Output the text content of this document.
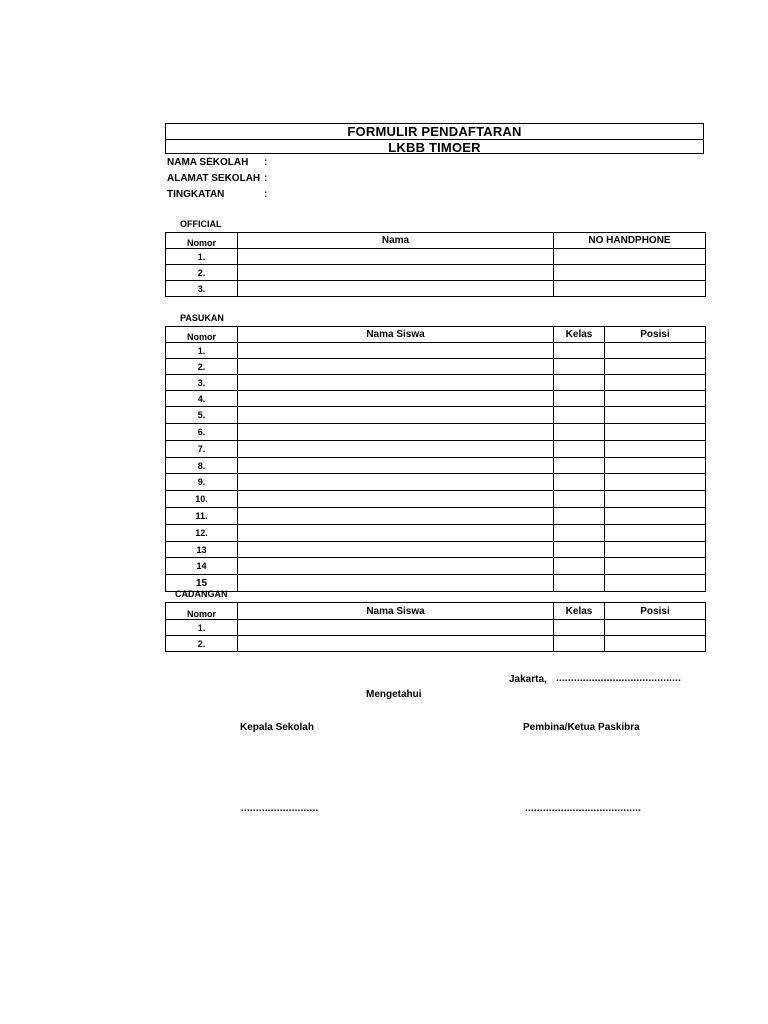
FORMULIR PENDAFTARAN
LKBB TIMOER
NAMA SEKOLAH :
ALAMAT SEKOLAH :
TINGKATAN	:
OFFICIAL
Nomor	Nama	NO HANDPHONE
1.		
2.		
3.		
PASUKAN
Nomor	Nama Siswa	Kelas	Posisi
1.			
2.			
3.			
4.			
5.			
6.			
7.			
8.			
9.			
10.			
11.			
12.			
13			
14			
15			
CADANGAN
Nomor	Nama Siswa	Kelas	Posisi
1.			
2.			
Jakarta, ..........................................
Mengetahui
Kepala Sekolah	Pembina/Ketua Paskibra
..........................	.......................................
